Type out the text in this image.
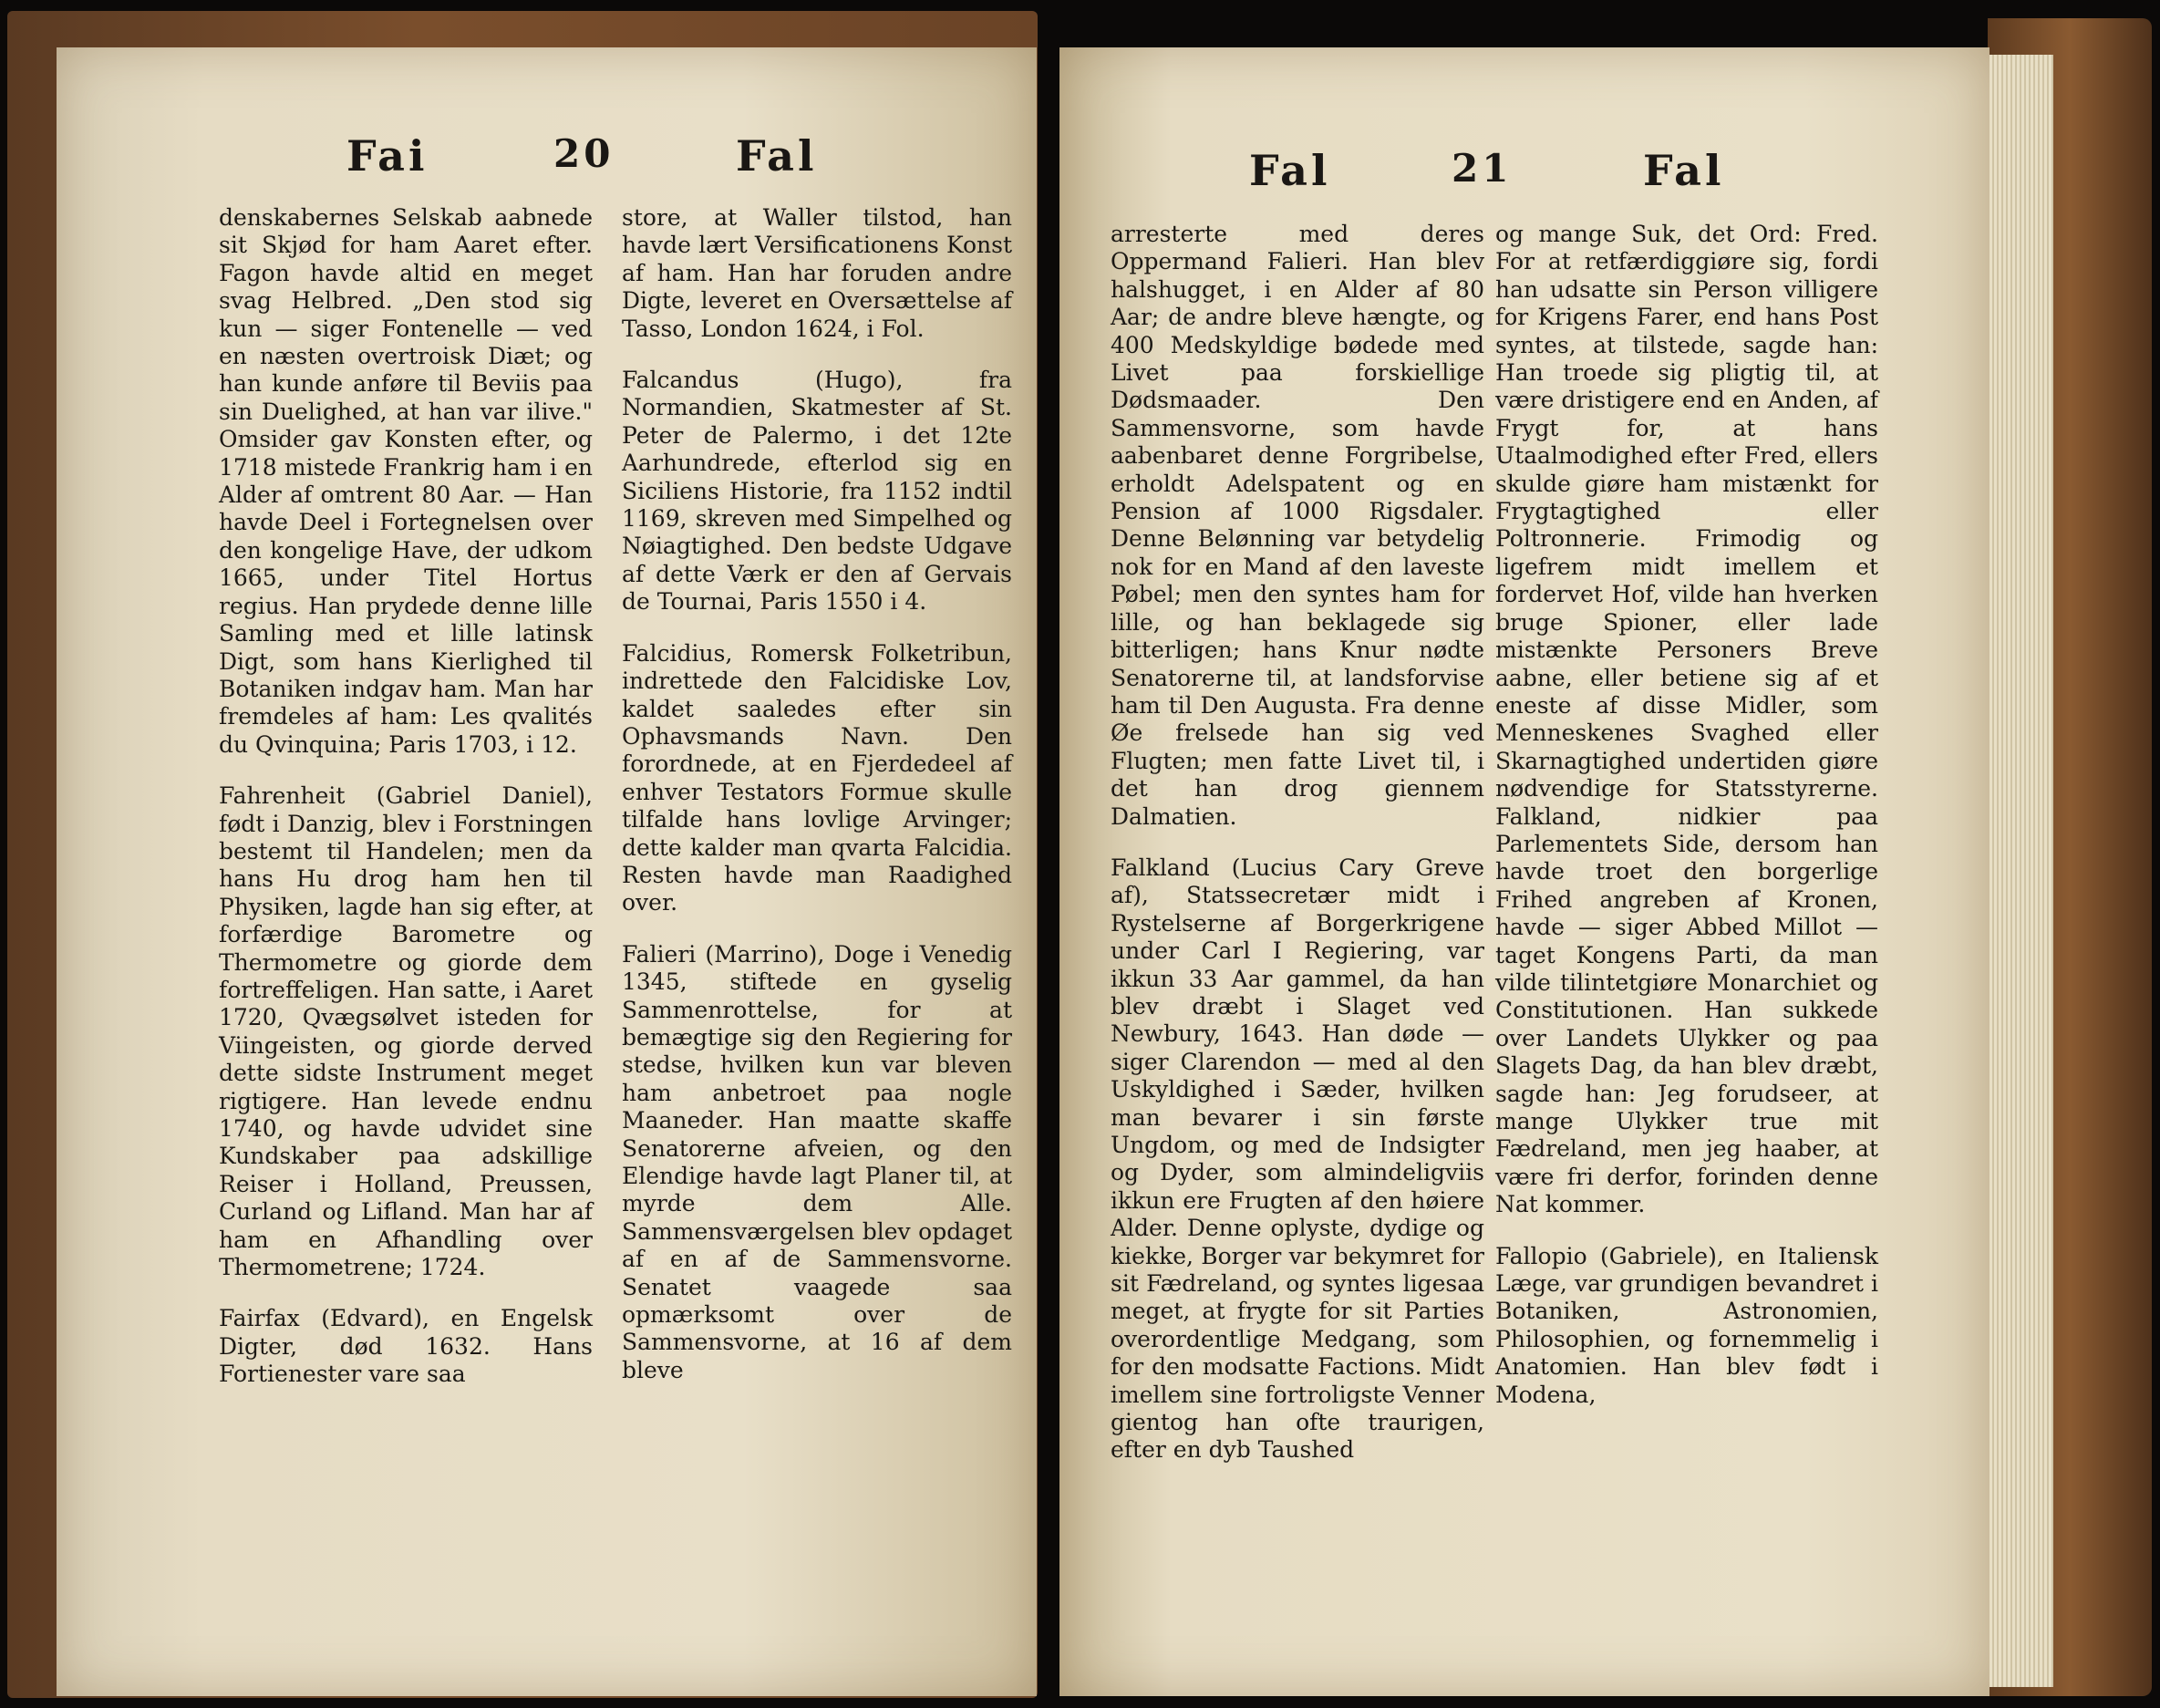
Fai	20	Fal

denskabernes Selskab aabnede sit Skjød for ham Aaret efter. Fagon havde altid en meget svag Helbred. „Den stod sig kun — siger Fontenelle — ved en næsten overtroisk Diæt; og han kunde anføre til Beviis paa sin Duelighed, at han var ilive." Omsider gav Konsten efter, og 1718 mistede Frankrig ham i en Alder af omtrent 80 Aar. — Han havde Deel i Fortegnelsen over den kongelige Have, der udkom 1665, under Titel Hortus regius. Han prydede denne lille Samling med et lille latinsk Digt, som hans Kierlighed til Botaniken indgav ham. Man har fremdeles af ham: Les qvalités du Qvinquina; Paris 1703, i 12.

Fahrenheit (Gabriel Daniel), født i Danzig, blev i Forstningen bestemt til Handelen; men da hans Hu drog ham hen til Physiken, lagde han sig efter, at forfærdige Barometre og Thermometre og giorde dem fortreffeligen. Han satte, i Aaret 1720, Qvægsølvet isteden for Viingeisten, og giorde derved dette sidste Instrument meget rigtigere. Han levede endnu 1740, og havde udvidet sine Kundskaber paa adskillige Reiser i Holland, Preussen, Curland og Lifland. Man har af ham en Afhandling over Thermometrene; 1724.

Fairfax (Edvard), en Engelsk Digter, død 1632. Hans Fortienester vare saa

store, at Waller tilstod, han havde lært Versificationens Konst af ham. Han har foruden andre Digte, leveret en Oversættelse af Tasso, London 1624, i Fol.

Falcandus (Hugo), fra Normandien, Skatmester af St. Peter de Palermo, i det 12te Aarhundrede, efterlod sig en Siciliens Historie, fra 1152 indtil 1169, skreven med Simpelhed og Nøiagtighed. Den bedste Udgave af dette Værk er den af Gervais de Tournai, Paris 1550 i 4.

Falcidius, Romersk Folketribun, indrettede den Falcidiske Lov, kaldet saaledes efter sin Ophavsmands Navn. Den forordnede, at en Fjerdedeel af enhver Testators Formue skulle tilfalde hans lovlige Arvinger; dette kalder man qvarta Falcidia. Resten havde man Raadighed over.

Falieri (Marrino), Doge i Venedig 1345, stiftede en gyselig Sammenrottelse, for at bemægtige sig den Regiering for stedse, hvilken kun var bleven ham anbetroet paa nogle Maaneder. Han maatte skaffe Senatorerne afveien, og den Elendige havde lagt Planer til, at myrde dem Alle. Sammensværgelsen blev opdaget af en af de Sammensvorne. Senatet vaagede saa opmærksomt over de Sammensvorne, at 16 af dem bleve

Fal	21	Fal

arresterte med deres Oppermand Falieri. Han blev halshugget, i en Alder af 80 Aar; de andre bleve hængte, og 400 Medskyldige bødede med Livet paa forskiellige Dødsmaader. Den Sammensvorne, som havde aabenbaret denne Forgribelse, erholdt Adelspatent og en Pension af 1000 Rigsdaler. Denne Belønning var betydelig nok for en Mand af den laveste Pøbel; men den syntes ham for lille, og han beklagede sig bitterligen; hans Knur nødte Senatorerne til, at landsforvise ham til Den Augusta. Fra denne Øe frelsede han sig ved Flugten; men fatte Livet til, i det han drog giennem Dalmatien.

Falkland (Lucius Cary Greve af), Statssecretær midt i Rystelserne af Borgerkrigene under Carl I Regiering, var ikkun 33 Aar gammel, da han blev dræbt i Slaget ved Newbury, 1643. Han døde — siger Clarendon — med al den Uskyldighed i Sæder, hvilken man bevarer i sin første Ungdom, og med de Indsigter og Dyder, som almindeligviis ikkun ere Frugten af den høiere Alder. Denne oplyste, dydige og kiekke, Borger var bekymret for sit Fædreland, og syntes ligesaa meget, at frygte for sit Parties overordentlige Medgang, som for den modsatte Factions. Midt imellem sine fortroligste Venner gientog han ofte traurigen, efter en dyb Taushed

og mange Suk, det Ord: Fred. For at retfærdiggiøre sig, fordi han udsatte sin Person villigere for Krigens Farer, end hans Post syntes, at tilstede, sagde han: Han troede sig pligtig til, at være dristigere end en Anden, af Frygt for, at hans Utaalmodighed efter Fred, ellers skulde giøre ham mistænkt for Frygtagtighed eller Poltronnerie. Frimodig og ligefrem midt imellem et fordervet Hof, vilde han hverken bruge Spioner, eller lade mistænkte Personers Breve aabne, eller betiene sig af et eneste af disse Midler, som Menneskenes Svaghed eller Skarnagtighed undertiden giøre nødvendige for Statsstyrerne. Falkland, nidkier paa Parlementets Side, dersom han havde troet den borgerlige Frihed angreben af Kronen, havde — siger Abbed Millot — taget Kongens Parti, da man vilde tilintetgiøre Monarchiet og Constitutionen. Han sukkede over Landets Ulykker og paa Slagets Dag, da han blev dræbt, sagde han: Jeg forudseer, at mange Ulykker true mit Fædreland, men jeg haaber, at være fri derfor, forinden denne Nat kommer.

Fallopio (Gabriele), en Italiensk Læge, var grundigen bevandret i Botaniken, Astronomien, Philosophien, og fornemmelig i Anatomien. Han blev født i Modena,
